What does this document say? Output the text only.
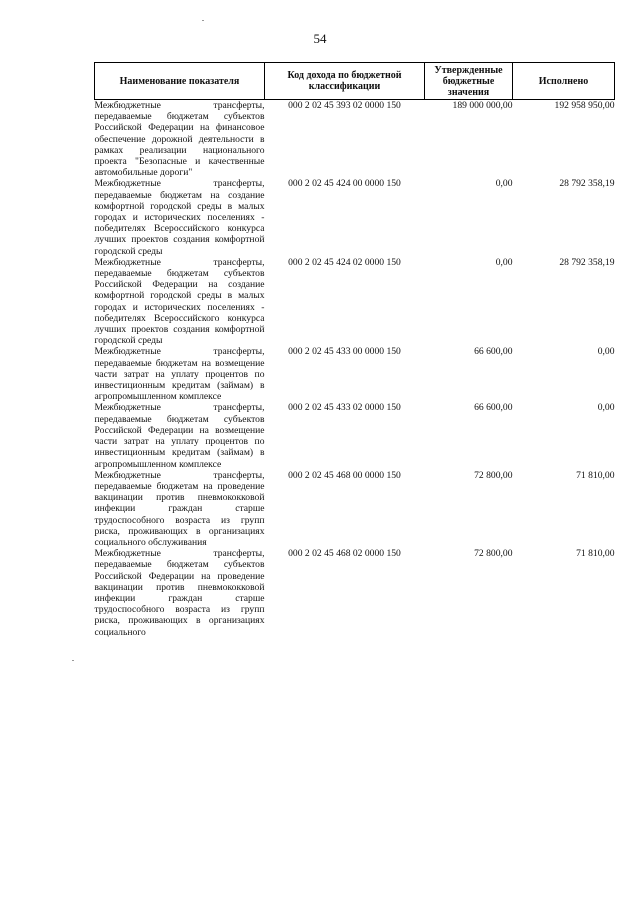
54
Наименование показателя	Код дохода по бюджетной классификации	Утвержденные бюджетные значения	Исполнено
Межбюджетные трансферты, передаваемые бюджетам субъектов Российской Федерации на финансовое обеспечение дорожной деятельности в рамках реализации национального проекта "Безопасные и качественные автомобильные дороги"	000 2 02 45 393 02 0000 150	189 000 000,00	192 958 950,00
Межбюджетные трансферты, передаваемые бюджетам на создание комфортной городской среды в малых городах и исторических поселениях - победителях Всероссийского конкурса лучших проектов создания комфортной городской среды	000 2 02 45 424 00 0000 150	0,00	28 792 358,19
Межбюджетные трансферты, передаваемые бюджетам субъектов Российской Федерации на создание комфортной городской среды в малых городах и исторических поселениях - победителях Всероссийского конкурса лучших проектов создания комфортной городской среды	000 2 02 45 424 02 0000 150	0,00	28 792 358,19
Межбюджетные трансферты, передаваемые бюджетам на возмещение части затрат на уплату процентов по инвестиционным кредитам (займам) в агропромышленном комплексе	000 2 02 45 433 00 0000 150	66 600,00	0,00
Межбюджетные трансферты, передаваемые бюджетам субъектов Российской Федерации на возмещение части затрат на уплату процентов по инвестиционным кредитам (займам) в агропромышленном комплексе	000 2 02 45 433 02 0000 150	66 600,00	0,00
Межбюджетные трансферты, передаваемые бюджетам на проведение вакцинации против пневмококковой инфекции граждан старше трудоспособного возраста из групп риска, проживающих в организациях социального обслуживания	000 2 02 45 468 00 0000 150	72 800,00	71 810,00
Межбюджетные трансферты, передаваемые бюджетам субъектов Российской Федерации на проведение вакцинации против пневмококковой инфекции граждан старше трудоспособного возраста из групп риска, проживающих в организациях социального	000 2 02 45 468 02 0000 150	72 800,00	71 810,00
